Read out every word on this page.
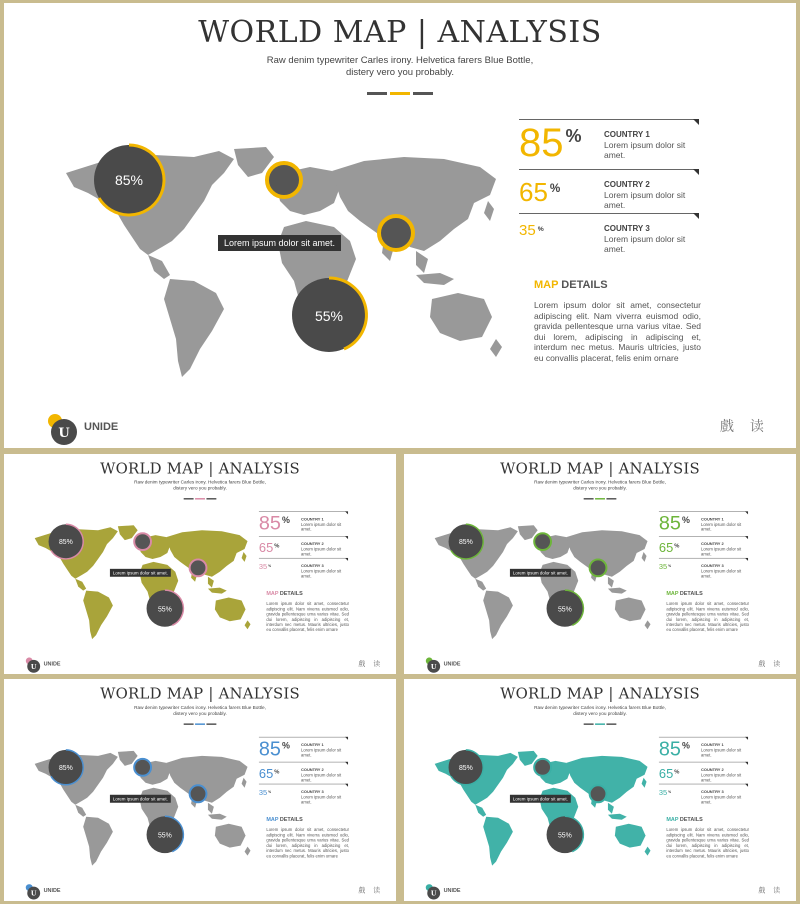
WORLD MAP | ANALYSIS
Raw denim typewriter Carles irony. Helvetica farers Blue Bottle,
distery vero you probably.
85%
55%
Lorem ipsum dolor sit amet.
85 %	COUNTRY 1
Lorem ipsum dolor sit amet.
65 %	COUNTRY 2
Lorem ipsum dolor sit amet.
35 %	COUNTRY 3
Lorem ipsum dolor sit amet.
MAP DETAILS
Lorem ipsum dolor sit amet, consectetur adipiscing elit. Nam viverra euismod odio, gravida pellentesque urna varius vitae. Sed dui lorem, adipiscing in adipiscing et, interdum nec metus. Mauris ultricies, justo eu convallis placerat, felis enim ornare
U UNIDE	戲 读
WORLD MAP | ANALYSIS
Raw denim typewriter Carles irony. Helvetica farers Blue Bottle,
distery vero you probably.
85%
55%
Lorem ipsum dolor sit amet.
85% COUNTRY 1
Lorem ipsum dolor sit amet.
65%	COUNTRY 2
Lorem ipsum dolor sit amet.
35%	COUNTRY 3
Lorem ipsum dolor sit amet.
MAP DETAILS
Lorem ipsum dolor sit amet, consectetur adipiscing elit. Nam viverra euismod odio, gravida pellentesque urna varius vitae. Sed dui lorem, adipiscing in adipiscing et, interdum nec metus. Mauris ultricies, justo eu convallis placerat, felis enim ornare
U UNIDE	戲 读
WORLD MAP | ANALYSIS
Raw denim typewriter Carles irony. Helvetica farers Blue Bottle,
distery vero you probably.
85%
55%
Lorem ipsum dolor sit amet.
85% COUNTRY 1
Lorem ipsum dolor sit amet.
65%	COUNTRY 2
Lorem ipsum dolor sit amet.
35%	COUNTRY 3
Lorem ipsum dolor sit amet.
MAP DETAILS
Lorem ipsum dolor sit amet, consectetur adipiscing elit. Nam viverra euismod odio, gravida pellentesque urna varius vitae. Sed dui lorem, adipiscing in adipiscing et, interdum nec metus. Mauris ultricies, justo eu convallis placerat, felis enim ornare
U UNIDE	戲 读
WORLD MAP | ANALYSIS
Raw denim typewriter Carles irony. Helvetica farers Blue Bottle,
distery vero you probably.
85%
55%
Lorem ipsum dolor sit amet.
85% COUNTRY 1
Lorem ipsum dolor sit amet.
65%	COUNTRY 2
Lorem ipsum dolor sit amet.
35%	COUNTRY 3
Lorem ipsum dolor sit amet.
MAP DETAILS
Lorem ipsum dolor sit amet, consectetur adipiscing elit. Nam viverra euismod odio, gravida pellentesque urna varius vitae. Sed dui lorem, adipiscing in adipiscing et, interdum nec metus. Mauris ultricies, justo eu convallis placerat, felis enim ornare
U UNIDE	戲 读
WORLD MAP | ANALYSIS
Raw denim typewriter Carles irony. Helvetica farers Blue Bottle,
distery vero you probably.
85%
55%
Lorem ipsum dolor sit amet.
85% COUNTRY 1
Lorem ipsum dolor sit amet.
65%	COUNTRY 2
Lorem ipsum dolor sit amet.
35%	COUNTRY 3
Lorem ipsum dolor sit amet.
MAP DETAILS
Lorem ipsum dolor sit amet, consectetur adipiscing elit. Nam viverra euismod odio, gravida pellentesque urna varius vitae. Sed dui lorem, adipiscing in adipiscing et, interdum nec metus. Mauris ultricies, justo eu convallis placerat, felis enim ornare
U UNIDE	戲 读
